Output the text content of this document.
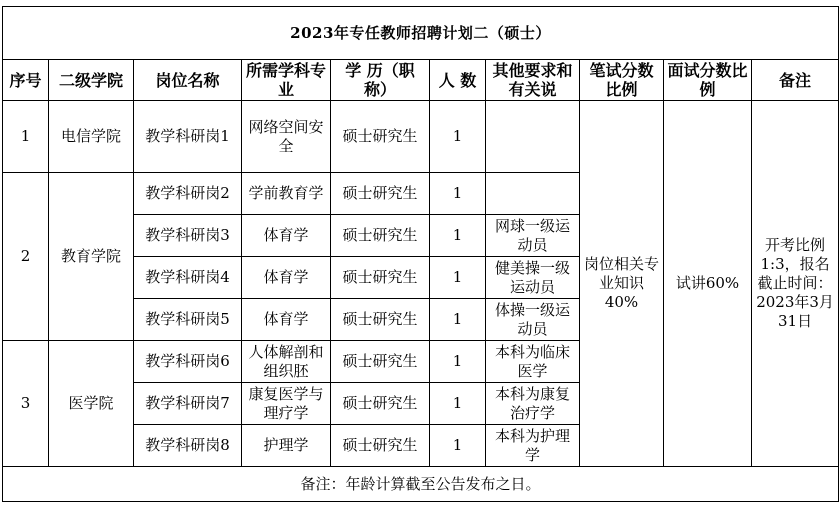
2023年专任教师招聘计划二（硕士）									
序号	二级学院	岗位名称	所需学科专业	学 历（职称）	人 数	其他要求和有关说	笔试分数比例	面试分数比例	备注
1	电信学院	教学科研岗1	网络空间安全	硕士研究生	1		岗位相关专业知识40%	试讲60%	开考比例1:3，报名截止时间：2023年3月31日
2	教育学院	教学科研岗2	学前教育学	硕士研究生	1				
		教学科研岗3	体育学	硕士研究生	1	网球一级运动员			
		教学科研岗4	体育学	硕士研究生	1	健美操一级运动员			
		教学科研岗5	体育学	硕士研究生	1	体操一级运动员			
3	医学院	教学科研岗6	人体解剖和组织胚	硕士研究生	1	本科为临床医学			
		教学科研岗7	康复医学与理疗学	硕士研究生	1	本科为康复治疗学			
		教学科研岗8	护理学	硕士研究生	1	本科为护理学			
备注：年龄计算截至公告发布之日。									
